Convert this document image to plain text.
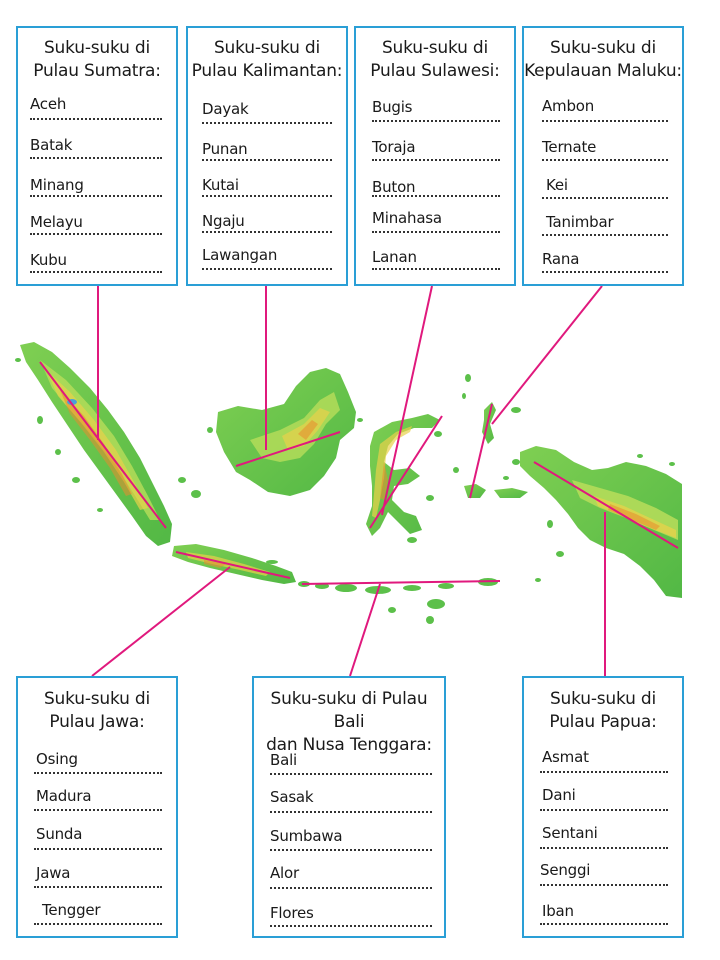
Suku-suku di
Pulau Sumatra:
Aceh
Batak
Minang
Melayu
Kubu
Suku-suku di
Pulau Kalimantan:
Dayak
Punan
Kutai
Ngaju
Lawangan
Suku-suku di
Pulau Sulawesi:
Bugis
Toraja
Buton
Minahasa
Lanan
Suku-suku di
Kepulauan Maluku:
Ambon
Ternate
Kei
Tanimbar
Rana
Suku-suku di
Pulau Jawa:
Osing
Madura
Sunda
Jawa
Tengger
Suku-suku di Pulau Bali
dan Nusa Tenggara:
Bali
Sasak
Sumbawa
Alor
Flores
Suku-suku di
Pulau Papua:
Asmat
Dani
Sentani
Senggi
Iban
